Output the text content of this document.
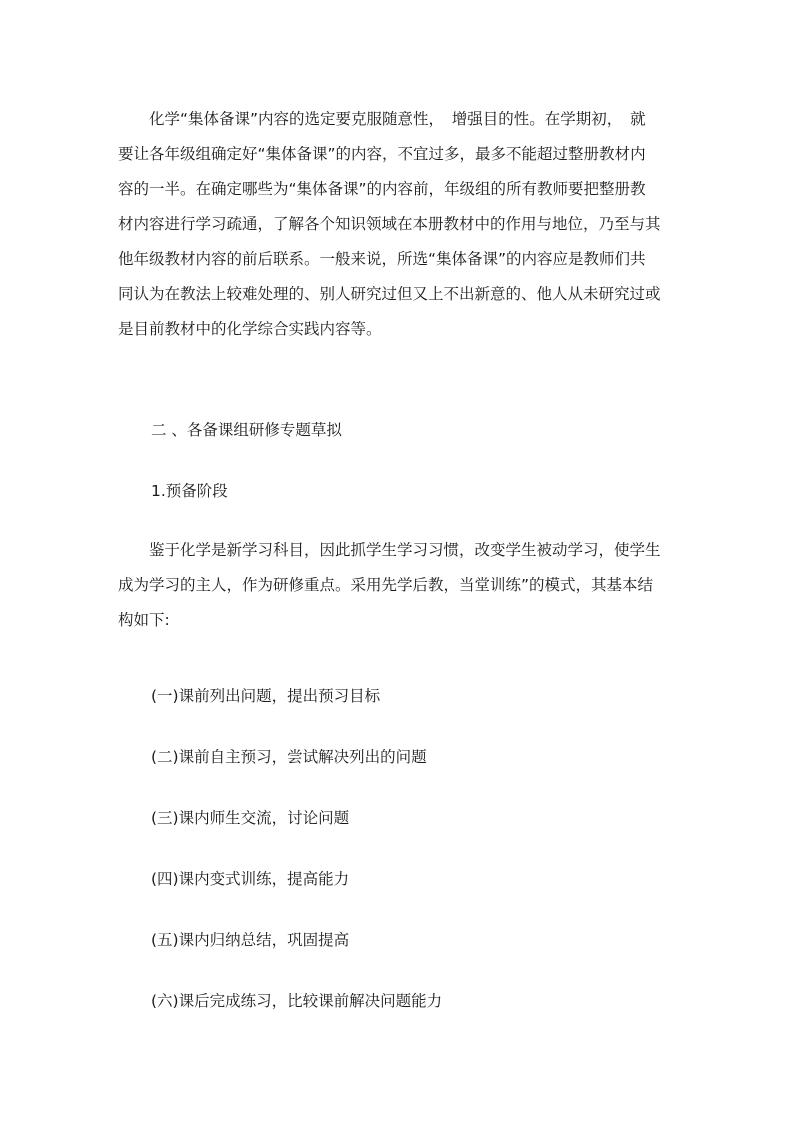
　　化学“集体备课”内容的选定要克服随意性，　增强目的性。在学期初，　就
要让各年级组确定好“集体备课”的内容，不宜过多，最多不能超过整册教材内
容的一半。在确定哪些为“集体备课”的内容前，年级组的所有教师要把整册教
材内容进行学习疏通，了解各个知识领域在本册教材中的作用与地位，乃至与其
他年级教材内容的前后联系。一般来说，所选“集体备课”的内容应是教师们共
同认为在教法上较难处理的、别人研究过但又上不出新意的、他人从未研究过或
是目前教材中的化学综合实践内容等。

二 、各备课组研修专题草拟

1.预备阶段

　　鉴于化学是新学习科目，因此抓学生学习习惯，改变学生被动学习，使学生
成为学习的主人，作为研修重点。采用先学后教，当堂训练”的模式，其基本结
构如下:

(一)课前列出问题，提出预习目标

(二)课前自主预习，尝试解决列出的问题

(三)课内师生交流，讨论问题

(四)课内变式训练，提高能力

(五)课内归纳总结，巩固提高

(六)课后完成练习，比较课前解决问题能力
